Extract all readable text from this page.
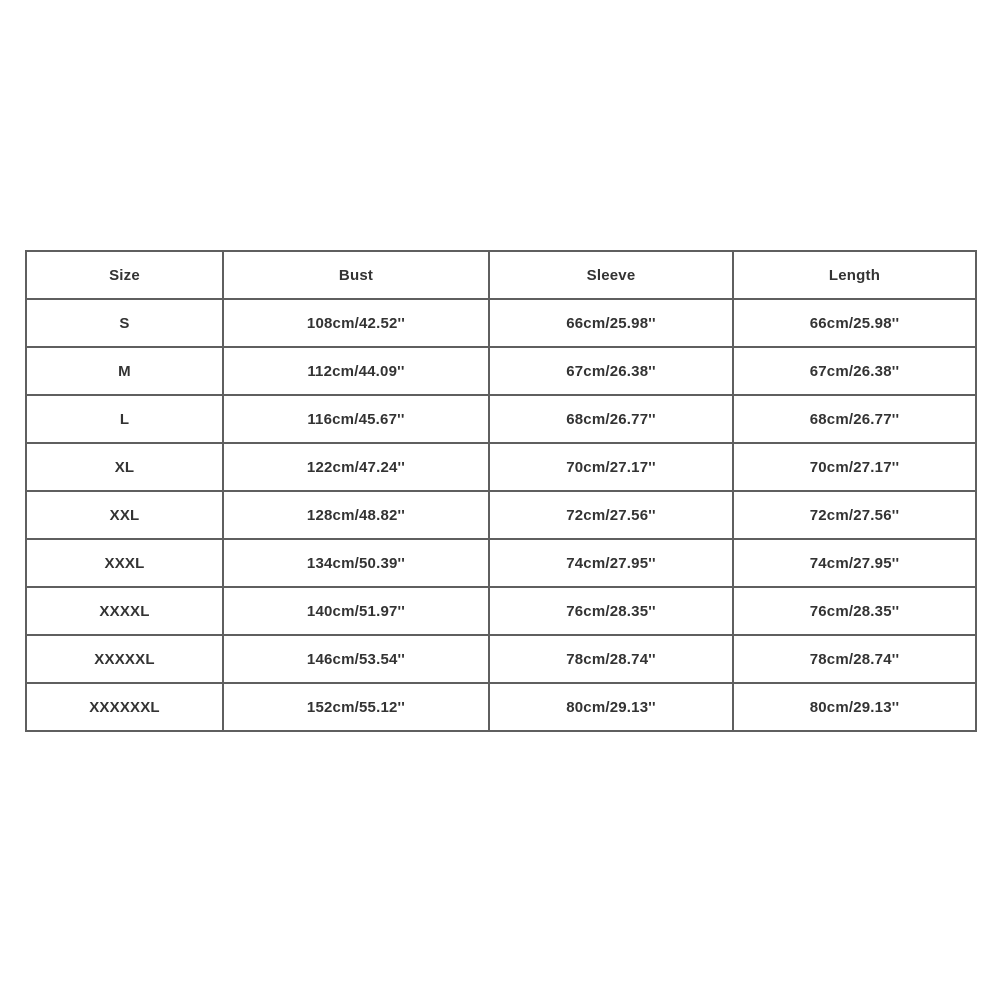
Size	Bust	Sleeve	Length
S	108cm/42.52''	66cm/25.98''	66cm/25.98''
M	112cm/44.09''	67cm/26.38''	67cm/26.38''
L	116cm/45.67''	68cm/26.77''	68cm/26.77''
XL	122cm/47.24''	70cm/27.17''	70cm/27.17''
XXL	128cm/48.82''	72cm/27.56''	72cm/27.56''
XXXL	134cm/50.39''	74cm/27.95''	74cm/27.95''
XXXXL	140cm/51.97''	76cm/28.35''	76cm/28.35''
XXXXXL	146cm/53.54''	78cm/28.74''	78cm/28.74''
XXXXXXL	152cm/55.12''	80cm/29.13''	80cm/29.13''
